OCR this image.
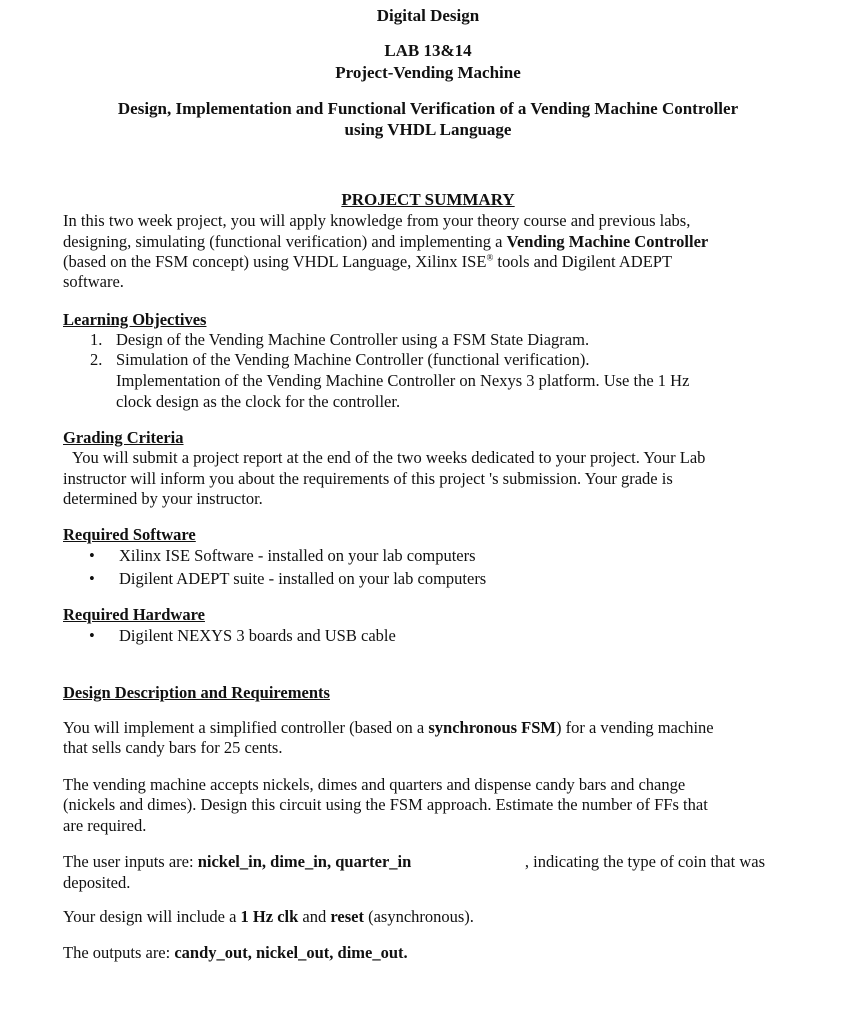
Digital Design
LAB 13&14
Project-Vending Machine
Design, Implementation and Functional Verification of a Vending Machine Controller
using VHDL Language
PROJECT SUMMARY
In this two week project, you will apply knowledge from your theory course and previous labs,
designing, simulating (functional verification) and implementing a Vending Machine Controller
(based on the FSM concept) using VHDL Language, Xilinx ISE® tools and Digilent ADEPT
software.
Learning Objectives
1. Design of the Vending Machine Controller using a FSM State Diagram.
2. Simulation of the Vending Machine Controller (functional verification).
Implementation of the Vending Machine Controller on Nexys 3 platform. Use the 1 Hz
clock design as the clock for the controller.
Grading Criteria
You will submit a project report at the end of the two weeks dedicated to your project. Your Lab
instructor will inform you about the requirements of this project 's submission. Your grade is
determined by your instructor.
Required Software
• Xilinx ISE Software - installed on your lab computers
• Digilent ADEPT suite - installed on your lab computers
Required Hardware
• Digilent NEXYS 3 boards and USB cable
Design Description and Requirements
You will implement a simplified controller (based on a synchronous FSM) for a vending machine
that sells candy bars for 25 cents.
The vending machine accepts nickels, dimes and quarters and dispense candy bars and change
(nickels and dimes). Design this circuit using the FSM approach. Estimate the number of FFs that
are required.
The user inputs are: nickel_in, dime_in, quarter_in	, indicating the type of coin that was
deposited.
Your design will include a 1 Hz clk and reset (asynchronous).
The outputs are: candy_out, nickel_out, dime_out.
